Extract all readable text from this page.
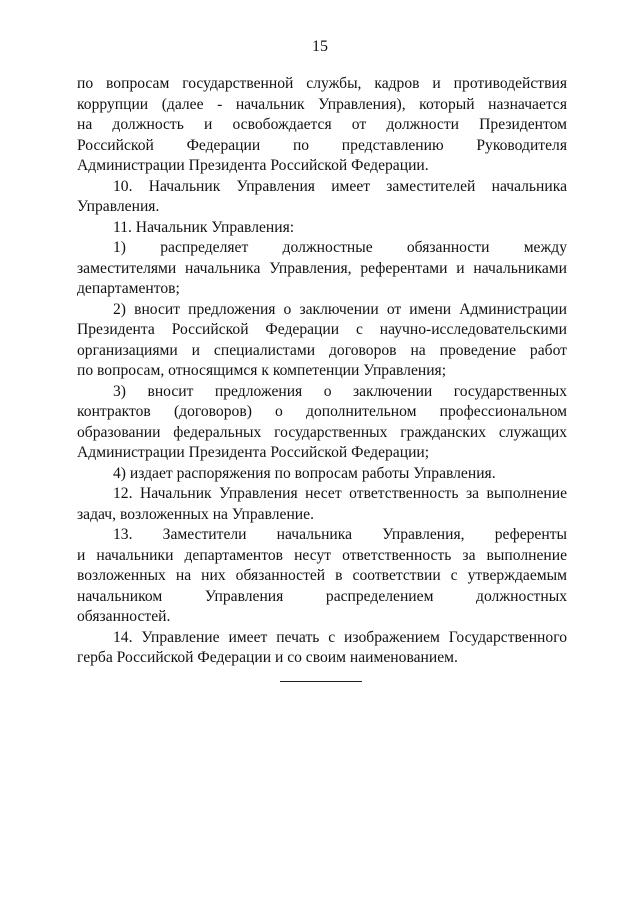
15
по вопросам государственной службы, кадров и противодействия
коррупции (далее - начальник Управления), который назначается
на должность и освобождается от должности Президентом
Российской Федерации по представлению Руководителя
Администрации Президента Российской Федерации.
10. Начальник Управления имеет заместителей начальника
Управления.
11. Начальник Управления:
1) распределяет должностные обязанности между
заместителями начальника Управления, референтами и начальниками
департаментов;
2) вносит предложения о заключении от имени Администрации
Президента Российской Федерации с научно-исследовательскими
организациями и специалистами договоров на проведение работ
по вопросам, относящимся к компетенции Управления;
3) вносит предложения о заключении государственных
контрактов (договоров) о дополнительном профессиональном
образовании федеральных государственных гражданских служащих
Администрации Президента Российской Федерации;
4) издает распоряжения по вопросам работы Управления.
12. Начальник Управления несет ответственность за выполнение
задач, возложенных на Управление.
13. Заместители начальника Управления, референты
и начальники департаментов несут ответственность за выполнение
возложенных на них обязанностей в соответствии с утверждаемым
начальником Управления распределением должностных
обязанностей.
14. Управление имеет печать с изображением Государственного
герба Российской Федерации и со своим наименованием.
